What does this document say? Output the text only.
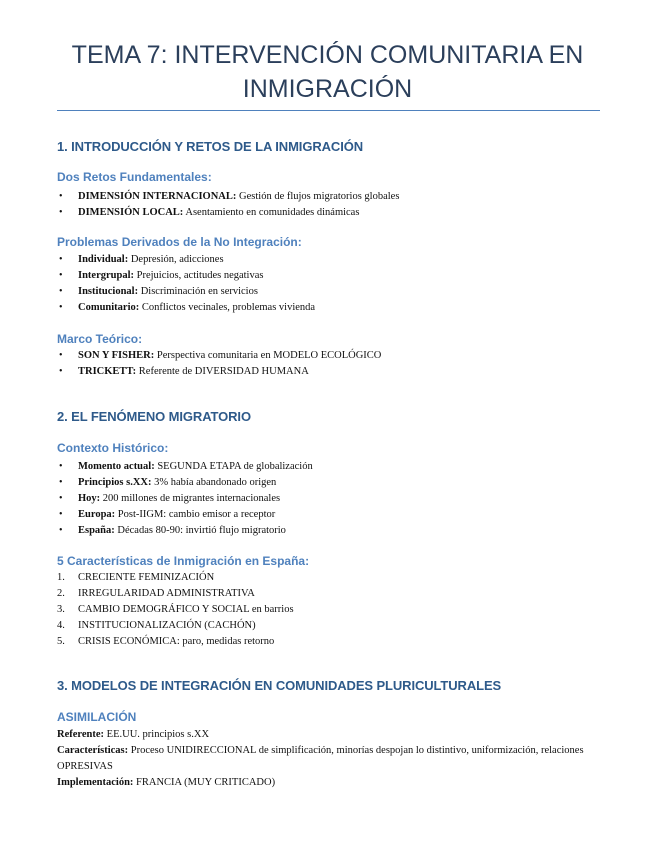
TEMA 7: INTERVENCIÓN COMUNITARIA EN INMIGRACIÓN
1. INTRODUCCIÓN Y RETOS DE LA INMIGRACIÓN
Dos Retos Fundamentales:
• DIMENSIÓN INTERNACIONAL: Gestión de flujos migratorios globales
• DIMENSIÓN LOCAL: Asentamiento en comunidades dinámicas
Problemas Derivados de la No Integración:
• Individual: Depresión, adicciones
• Intergrupal: Prejuicios, actitudes negativas
• Institucional: Discriminación en servicios
• Comunitario: Conflictos vecinales, problemas vivienda
Marco Teórico:
• SON Y FISHER: Perspectiva comunitaria en MODELO ECOLÓGICO
• TRICKETT: Referente de DIVERSIDAD HUMANA
2. EL FENÓMENO MIGRATORIO
Contexto Histórico:
• Momento actual: SEGUNDA ETAPA de globalización
• Principios s.XX: 3% había abandonado origen
• Hoy: 200 millones de migrantes internacionales
• Europa: Post-IIGM: cambio emisor a receptor
• España: Décadas 80-90: invirtió flujo migratorio
5 Características de Inmigración en España:
1. CRECIENTE FEMINIZACIÓN
2. IRREGULARIDAD ADMINISTRATIVA
3. CAMBIO DEMOGRÁFICO Y SOCIAL en barrios
4. INSTITUCIONALIZACIÓN (CACHÓN)
5. CRISIS ECONÓMICA: paro, medidas retorno
3. MODELOS DE INTEGRACIÓN EN COMUNIDADES PLURICULTURALES
ASIMILACIÓN
Referente: EE.UU. principios s.XX
Características: Proceso UNIDIRECCIONAL de simplificación, minorías despojan lo distintivo, uniformización, relaciones OPRESIVAS
Implementación: FRANCIA (MUY CRITICADO)
